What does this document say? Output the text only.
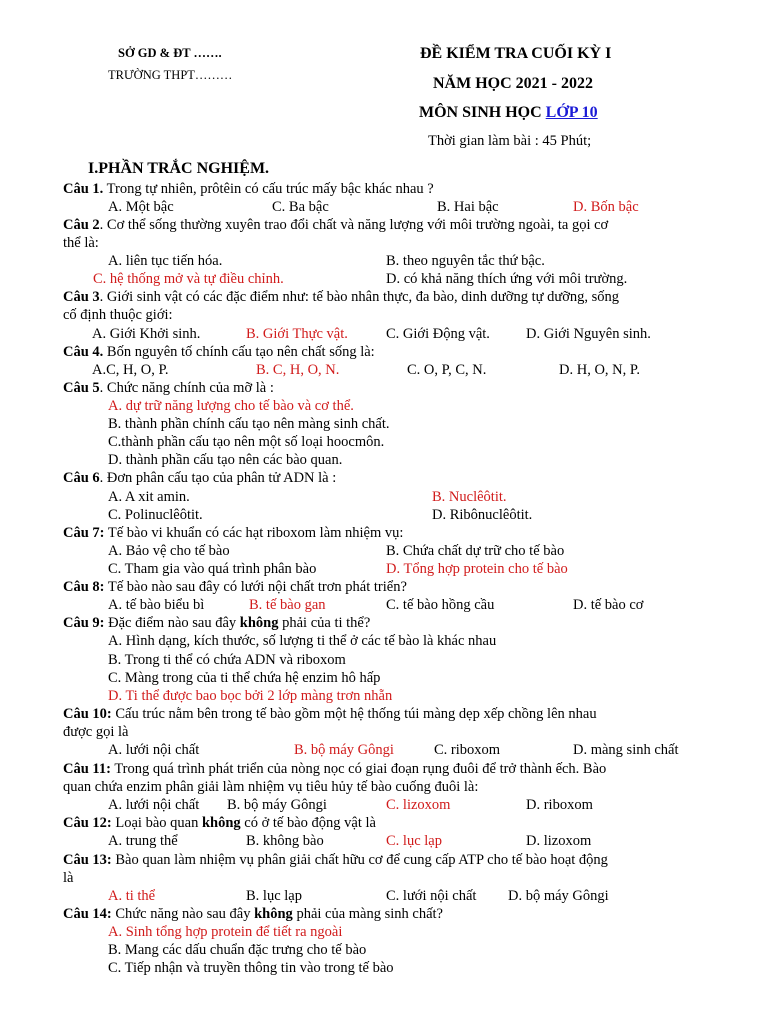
SỞ GD & ĐT …….
TRƯỜNG THPT………
ĐỀ KIỂM TRA CUỐI KỲ I
NĂM HỌC 2021 - 2022
MÔN SINH HỌC LỚP 10
Thời gian làm bài : 45 Phút;
I.PHẦN TRẮC NGHIỆM.
Câu 1. Trong tự nhiên, prôtêin có cấu trúc mấy bậc khác nhau ?
A. Một bậc	C. Ba bậc	B. Hai bậc	D. Bốn bậc
Câu 2. Cơ thể sống thường xuyên trao đổi chất và năng lượng với môi trường ngoài, ta gọi cơ
thể là:
A. liên tục tiến hóa.	B. theo nguyên tắc thứ bậc.
C. hệ thống mở và tự điều chỉnh.	D. có khả năng thích ứng với môi trường.
Câu 3. Giới sinh vật có các đặc điểm như: tế bào nhân thực, đa bào, dinh dưỡng tự dưỡng, sống
cố định thuộc giới:
A. Giới Khởi sinh.	B. Giới Thực vật.	C. Giới Động vật. D. Giới Nguyên sinh.
Câu 4. Bốn nguyên tố chính cấu tạo nên chất sống là:
A.C, H, O, P.	B. C, H, O, N.	C. O, P, C, N.	D. H, O, N, P.
Câu 5. Chức năng chính của mỡ là :
A. dự trữ năng lượng cho tế bào và cơ thể.
B. thành phần chính cấu tạo nên màng sinh chất.
C.thành phần cấu tạo nên một số loại hoocmôn.
D. thành phần cấu tạo nên các bào quan.
Câu 6. Đơn phân cấu tạo của phân tử ADN là :
A. A xit amin.	B. Nuclêôtit.
C. Polinuclêôtit.	D. Ribônuclêôtit.
Câu 7: Tế bào vi khuẩn có các hạt riboxom làm nhiệm vụ:
A. Bảo vệ cho tế bào	B. Chứa chất dự trữ cho tế bào
C. Tham gia vào quá trình phân bào	D. Tổng hợp protein cho tế bào
Câu 8: Tế bào nào sau đây có lưới nội chất trơn phát triển?
A. tế bào biểu bì	B. tế bào gan	C. tế bào hồng cầu	D. tế bào cơ
Câu 9: Đặc điểm nào sau đây không phải của ti thể?
A. Hình dạng, kích thước, số lượng ti thể ở các tế bào là khác nhau
B. Trong ti thể có chứa ADN và riboxom
C. Màng trong của ti thể chứa hệ enzim hô hấp
D. Ti thể được bao bọc bởi 2 lớp màng trơn nhẵn
Câu 10: Cấu trúc nằm bên trong tế bào gồm một hệ thống túi màng dẹp xếp chồng lên nhau
được gọi là
A. lưới nội chất	B. bộ máy Gôngi	C. riboxom	D. màng sinh chất
Câu 11: Trong quá trình phát triển của nòng nọc có giai đoạn rụng đuôi để trở thành ếch. Bào
quan chứa enzim phân giải làm nhiệm vụ tiêu hủy tế bào cuống đuôi là:
A. lưới nội chất B. bộ máy Gôngi	C. lizoxom	D. riboxom
Câu 12: Loại bào quan không có ở tế bào động vật là
A. trung thể	B. không bào	C. lục lạp	D. lizoxom
Câu 13: Bào quan làm nhiệm vụ phân giải chất hữu cơ để cung cấp ATP cho tế bào hoạt động
là
A. ti thể	B. lục lạp	C. lưới nội chất D. bộ máy Gôngi
Câu 14: Chức năng nào sau đây không phải của màng sinh chất?
A. Sinh tổng hợp protein để tiết ra ngoài
B. Mang các dấu chuẩn đặc trưng cho tế bào
C. Tiếp nhận và truyền thông tin vào trong tế bào
